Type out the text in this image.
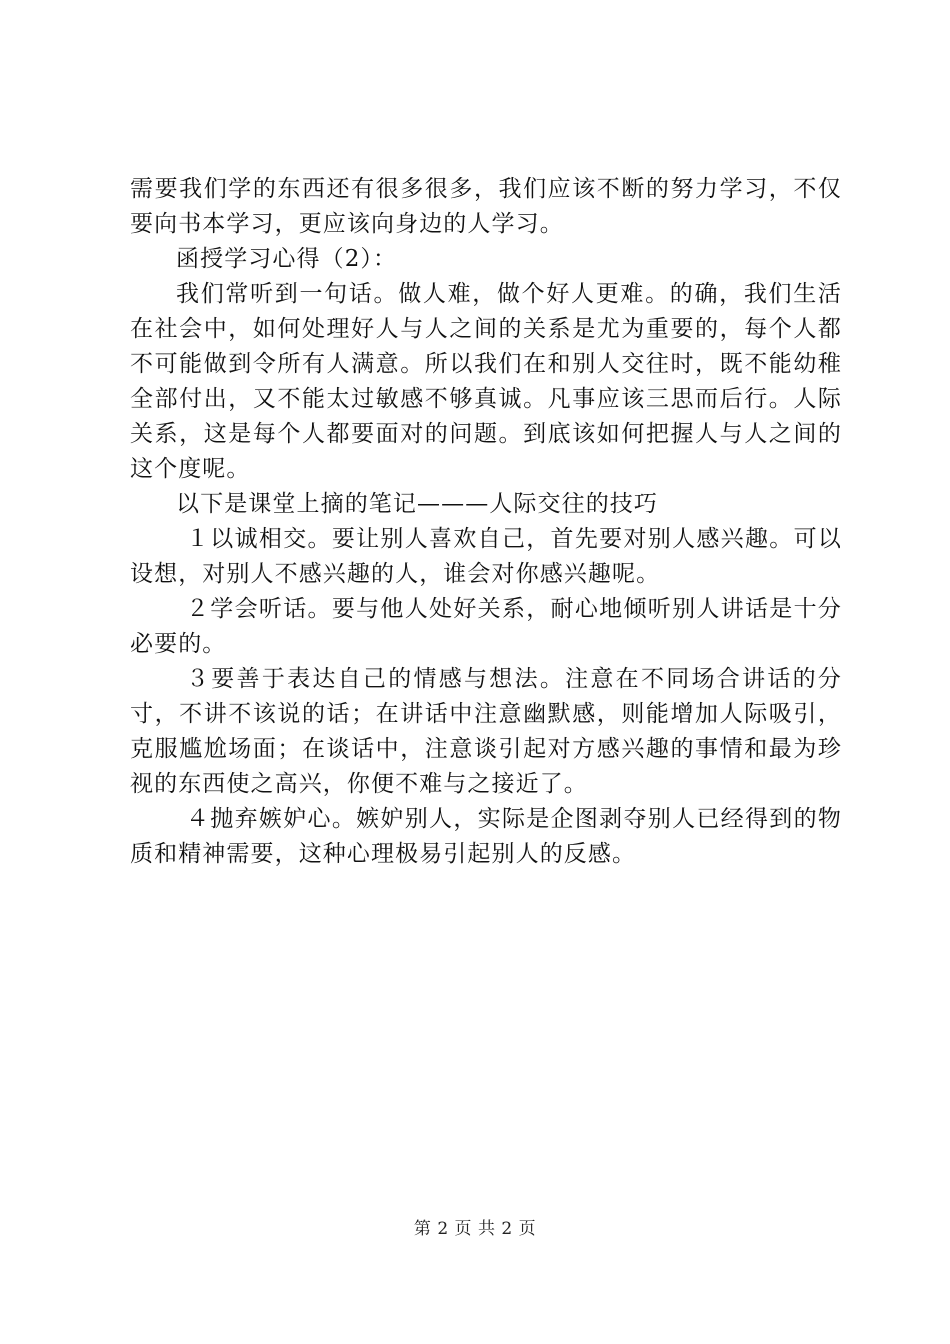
需要我们学的东西还有很多很多，我们应该不断的努力学习，不仅要向书本学习，更应该向身边的人学习。

函授学习心得（2）：

我们常听到一句话。做人难，做个好人更难。的确，我们生活在社会中，如何处理好人与人之间的关系是尤为重要的，每个人都不可能做到令所有人满意。所以我们在和别人交往时，既不能幼稚全部付出，又不能太过敏感不够真诚。凡事应该三思而后行。人际关系，这是每个人都要面对的问题。到底该如何把握人与人之间的这个度呢。

以下是课堂上摘的笔记———人际交往的技巧

１以诚相交。要让别人喜欢自己，首先要对别人感兴趣。可以设想，对别人不感兴趣的人，谁会对你感兴趣呢。

２学会听话。要与他人处好关系，耐心地倾听别人讲话是十分必要的。

３要善于表达自己的情感与想法。注意在不同场合讲话的分寸，不讲不该说的话；在讲话中注意幽默感，则能增加人际吸引，克服尴尬场面；在谈话中，注意谈引起对方感兴趣的事情和最为珍视的东西使之高兴，你便不难与之接近了。

４抛弃嫉妒心。嫉妒别人，实际是企图剥夺别人已经得到的物质和精神需要，这种心理极易引起别人的反感。

第 2 页 共 2 页
